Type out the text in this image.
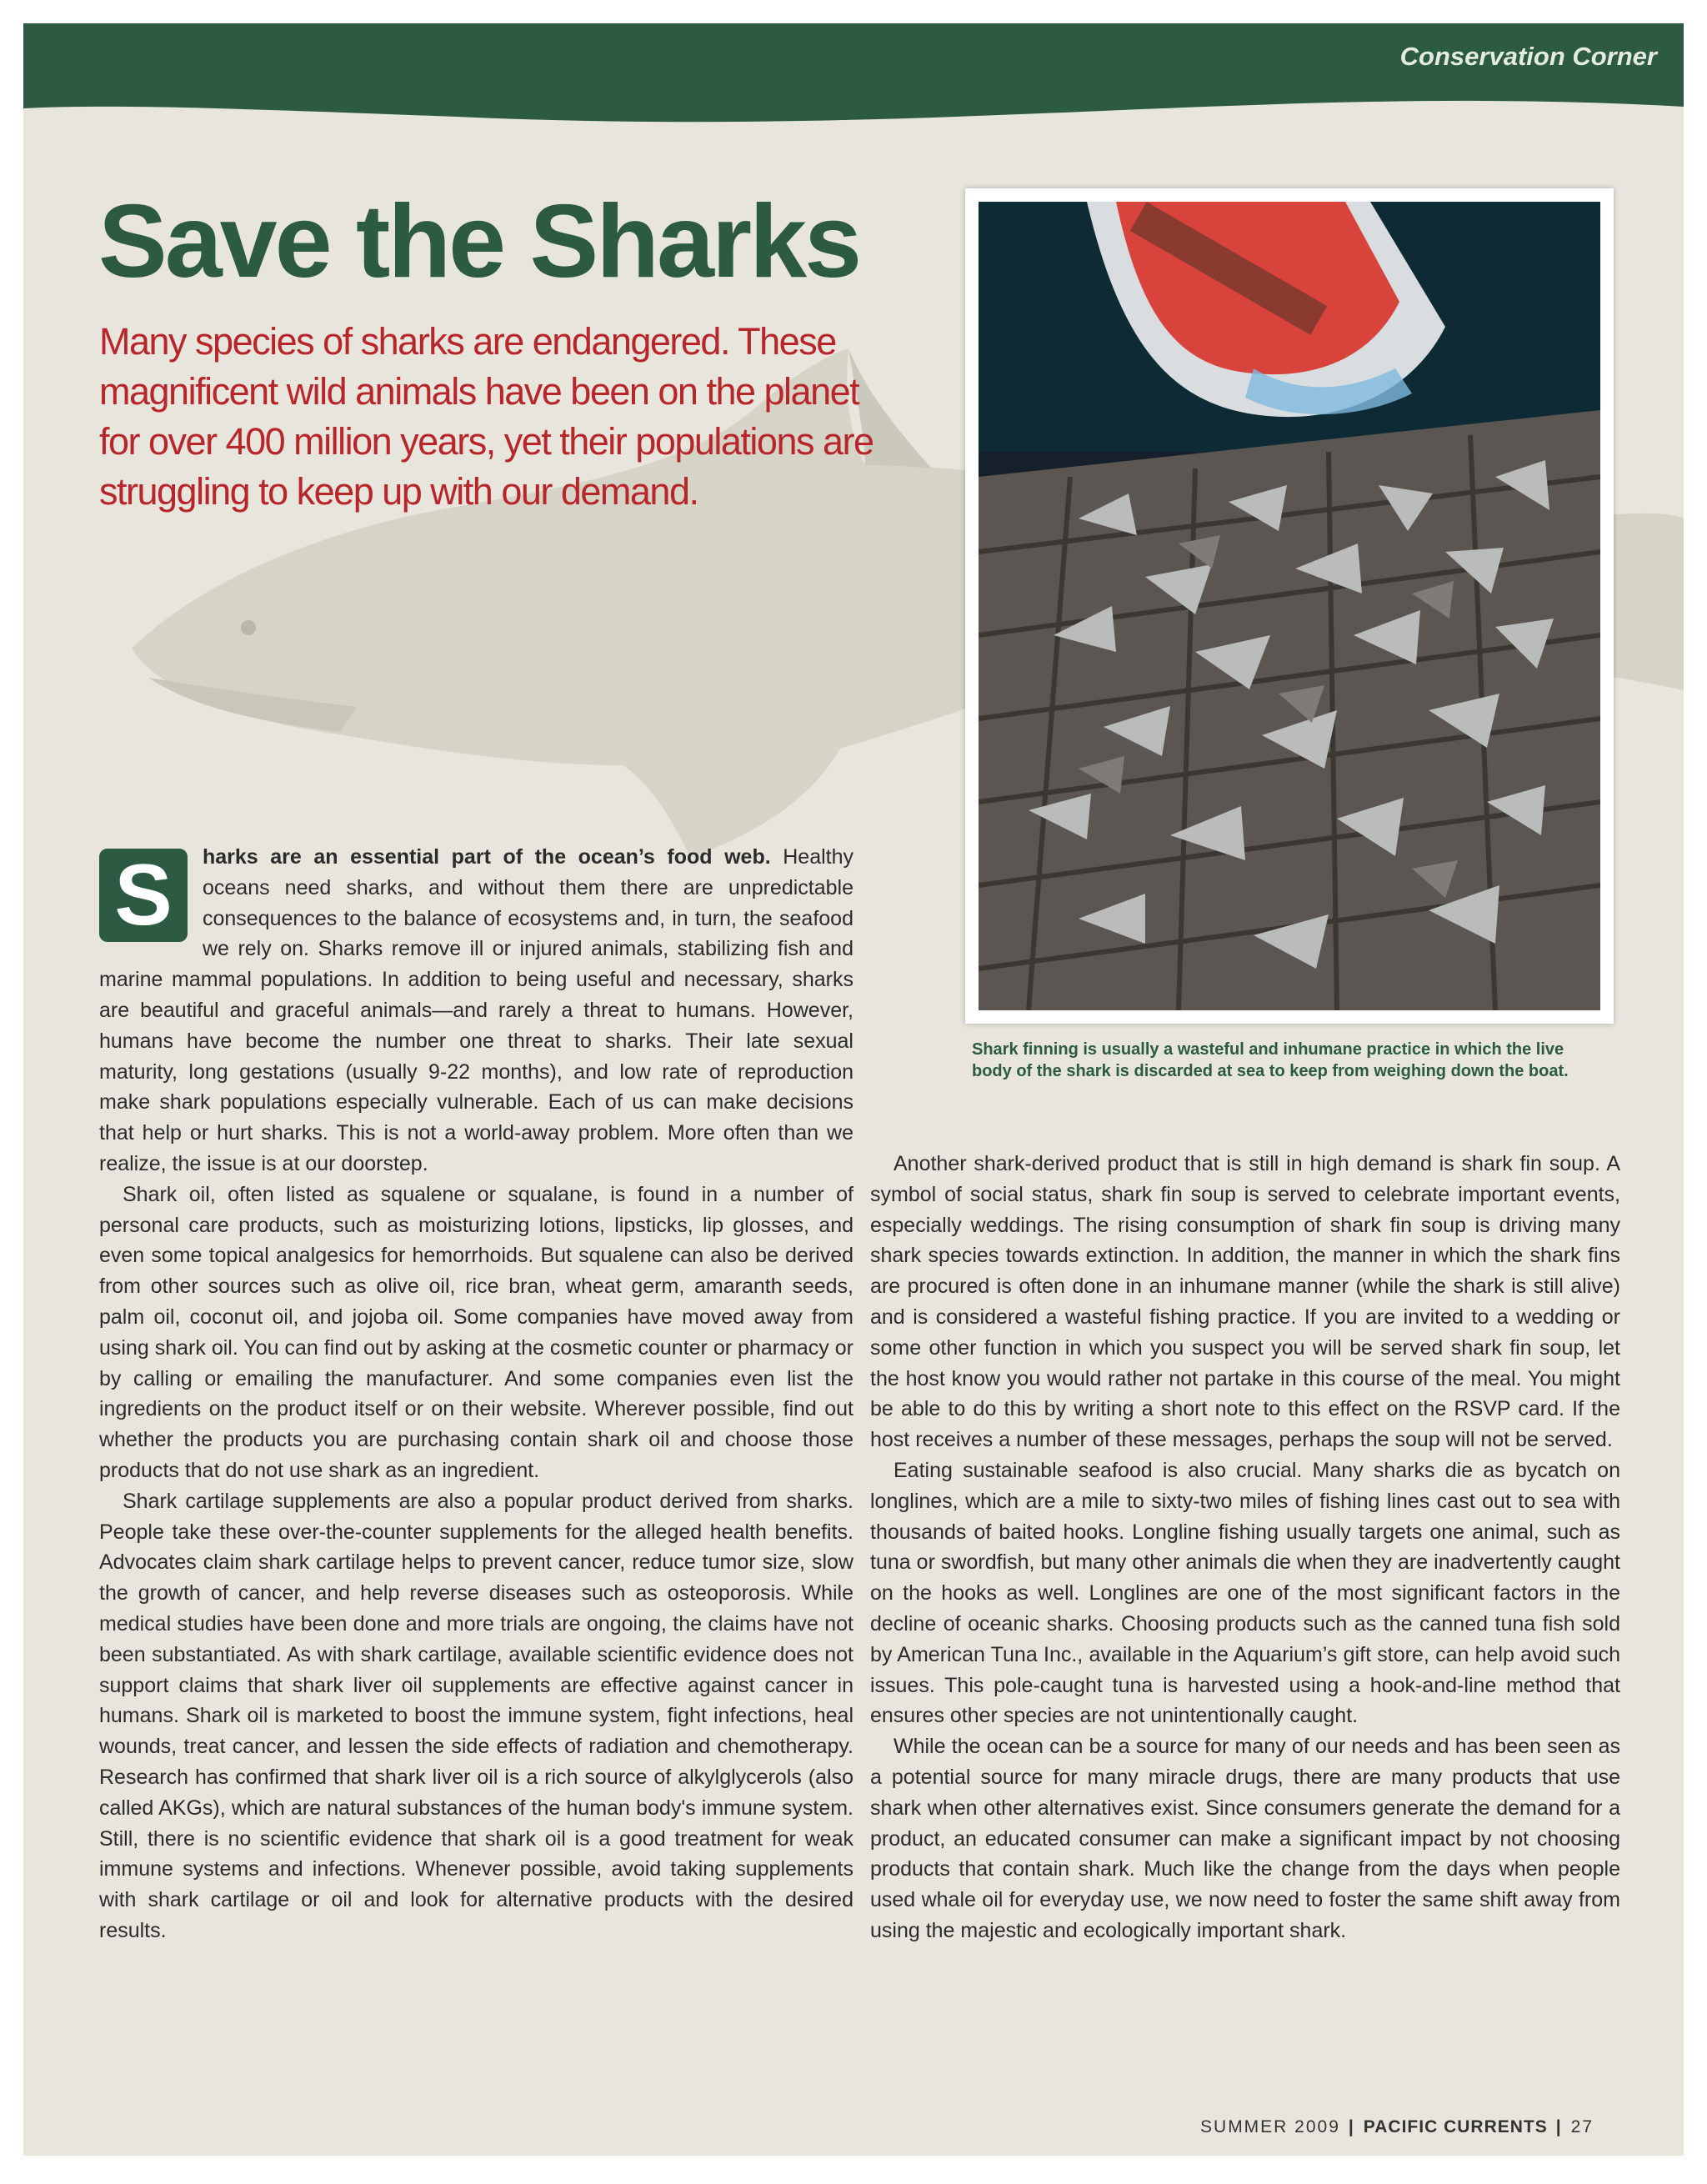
Conservation Corner
Save the Sharks

Many species of sharks are endangered. These magnificent wild animals have been on the planet for over 400 million years, yet their populations are struggling to keep up with our demand.

Shark finning is usually a wasteful and inhumane practice in which the live body of the shark is discarded at sea to keep from weighing down the boat.

S	harks are an essential part of the ocean’s food web. Healthy oceans need sharks, and without them there are unpredictable consequences to the balance of ecosystems and, in turn, the seafood we rely on. Sharks remove ill or injured animals, stabilizing fish and marine mammal populations. In addition to being useful and necessary, sharks are beautiful and graceful animals—and rarely a threat to humans. However, humans have become the number one threat to sharks. Their late sexual maturity, long gestations (usually 9-22 months), and low rate of reproduction make shark populations especially vulnerable. Each of us can make decisions that help or hurt sharks. This is not a world-away problem. More often than we realize, the issue is at our doorstep.

Shark oil, often listed as squalene or squalane, is found in a number of personal care products, such as moisturizing lotions, lipsticks, lip glosses, and even some topical analgesics for hemorrhoids. But squalene can also be derived from other sources such as olive oil, rice bran, wheat germ, amaranth seeds, palm oil, coconut oil, and jojoba oil. Some companies have moved away from using shark oil. You can find out by asking at the cosmetic counter or pharmacy or by calling or emailing the manufacturer. And some companies even list the ingredients on the product itself or on their website. Wherever possible, find out whether the products you are purchasing contain shark oil and choose those products that do not use shark as an ingredient.

Shark cartilage supplements are also a popular product derived from sharks. People take these over-the-counter supplements for the alleged health benefits. Advocates claim shark cartilage helps to prevent cancer, reduce tumor size, slow the growth of cancer, and help reverse diseases such as osteoporosis. While medical studies have been done and more trials are ongoing, the claims have not been substantiated. As with shark cartilage, available scientific evidence does not support claims that shark liver oil supplements are effective against cancer in humans. Shark oil is marketed to boost the immune system, fight infections, heal wounds, treat cancer, and lessen the side effects of radiation and chemotherapy. Research has confirmed that shark liver oil is a rich source of alkylglycerols (also called AKGs), which are natural substances of the human body's immune system. Still, there is no scientific evidence that shark oil is a good treatment for weak immune systems and infections. Whenever possible, avoid taking supplements with shark cartilage or oil and look for alternative products with the desired results.

Another shark-derived product that is still in high demand is shark fin soup. A symbol of social status, shark fin soup is served to celebrate important events, especially weddings. The rising consumption of shark fin soup is driving many shark species towards extinction. In addition, the manner in which the shark fins are procured is often done in an inhumane manner (while the shark is still alive) and is considered a wasteful fishing practice. If you are invited to a wedding or some other function in which you suspect you will be served shark fin soup, let the host know you would rather not partake in this course of the meal. You might be able to do this by writing a short note to this effect on the RSVP card. If the host receives a number of these messages, perhaps the soup will not be served.

Eating sustainable seafood is also crucial. Many sharks die as bycatch on longlines, which are a mile to sixty-two miles of fishing lines cast out to sea with thousands of baited hooks. Longline fishing usually targets one animal, such as tuna or swordfish, but many other animals die when they are inadvertently caught on the hooks as well. Longlines are one of the most significant factors in the decline of oceanic sharks. Choosing products such as the canned tuna fish sold by American Tuna Inc., available in the Aquarium’s gift store, can help avoid such issues. This pole-caught tuna is harvested using a hook-and-line method that ensures other species are not unintentionally caught.

While the ocean can be a source for many of our needs and has been seen as a potential source for many miracle drugs, there are many products that use shark when other alternatives exist. Since consumers generate the demand for a product, an educated consumer can make a significant impact by not choosing products that contain shark. Much like the change from the days when people used whale oil for everyday use, we now need to foster the same shift away from using the majestic and ecologically important shark.

SUMMER 2009 | PACIFIC CURRENTS | 27
